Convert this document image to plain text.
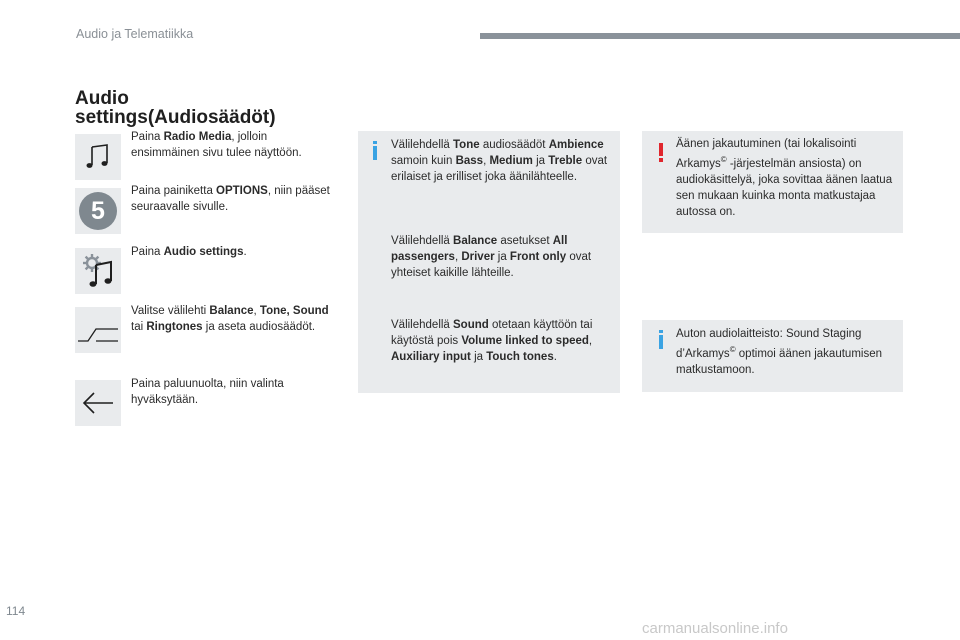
Audio ja Telematiikka
Audio
settings(Audiosäädöt)
Paina Radio Media, jolloin ensimmäinen sivu tulee näyttöön.
5
Paina painiketta OPTIONS, niin pääset seuraavalle sivulle.
Paina Audio settings.
Valitse välilehti Balance, Tone, Sound tai Ringtones ja aseta audiosäädöt.
Paina paluunuolta, niin valinta hyväksytään.
Välilehdellä Tone audiosäädöt Ambience samoin kuin Bass, Medium ja Treble ovat erilaiset ja erilliset joka äänilähteelle.
Välilehdellä Balance asetukset All passengers, Driver ja Front only ovat yhteiset kaikille lähteille.
Välilehdellä Sound otetaan käyttöön tai käytöstä pois Volume linked to speed, Auxiliary input ja Touch tones.
Äänen jakautuminen (tai lokalisointi Arkamys© -järjestelmän ansiosta) on audiokäsittelyä, joka sovittaa äänen laatua sen mukaan kuinka monta matkustajaa autossa on.
Auton audiolaitteisto: Sound Staging d’Arkamys© optimoi äänen jakautumisen matkustamoon.
114
carmanualsonline.info
